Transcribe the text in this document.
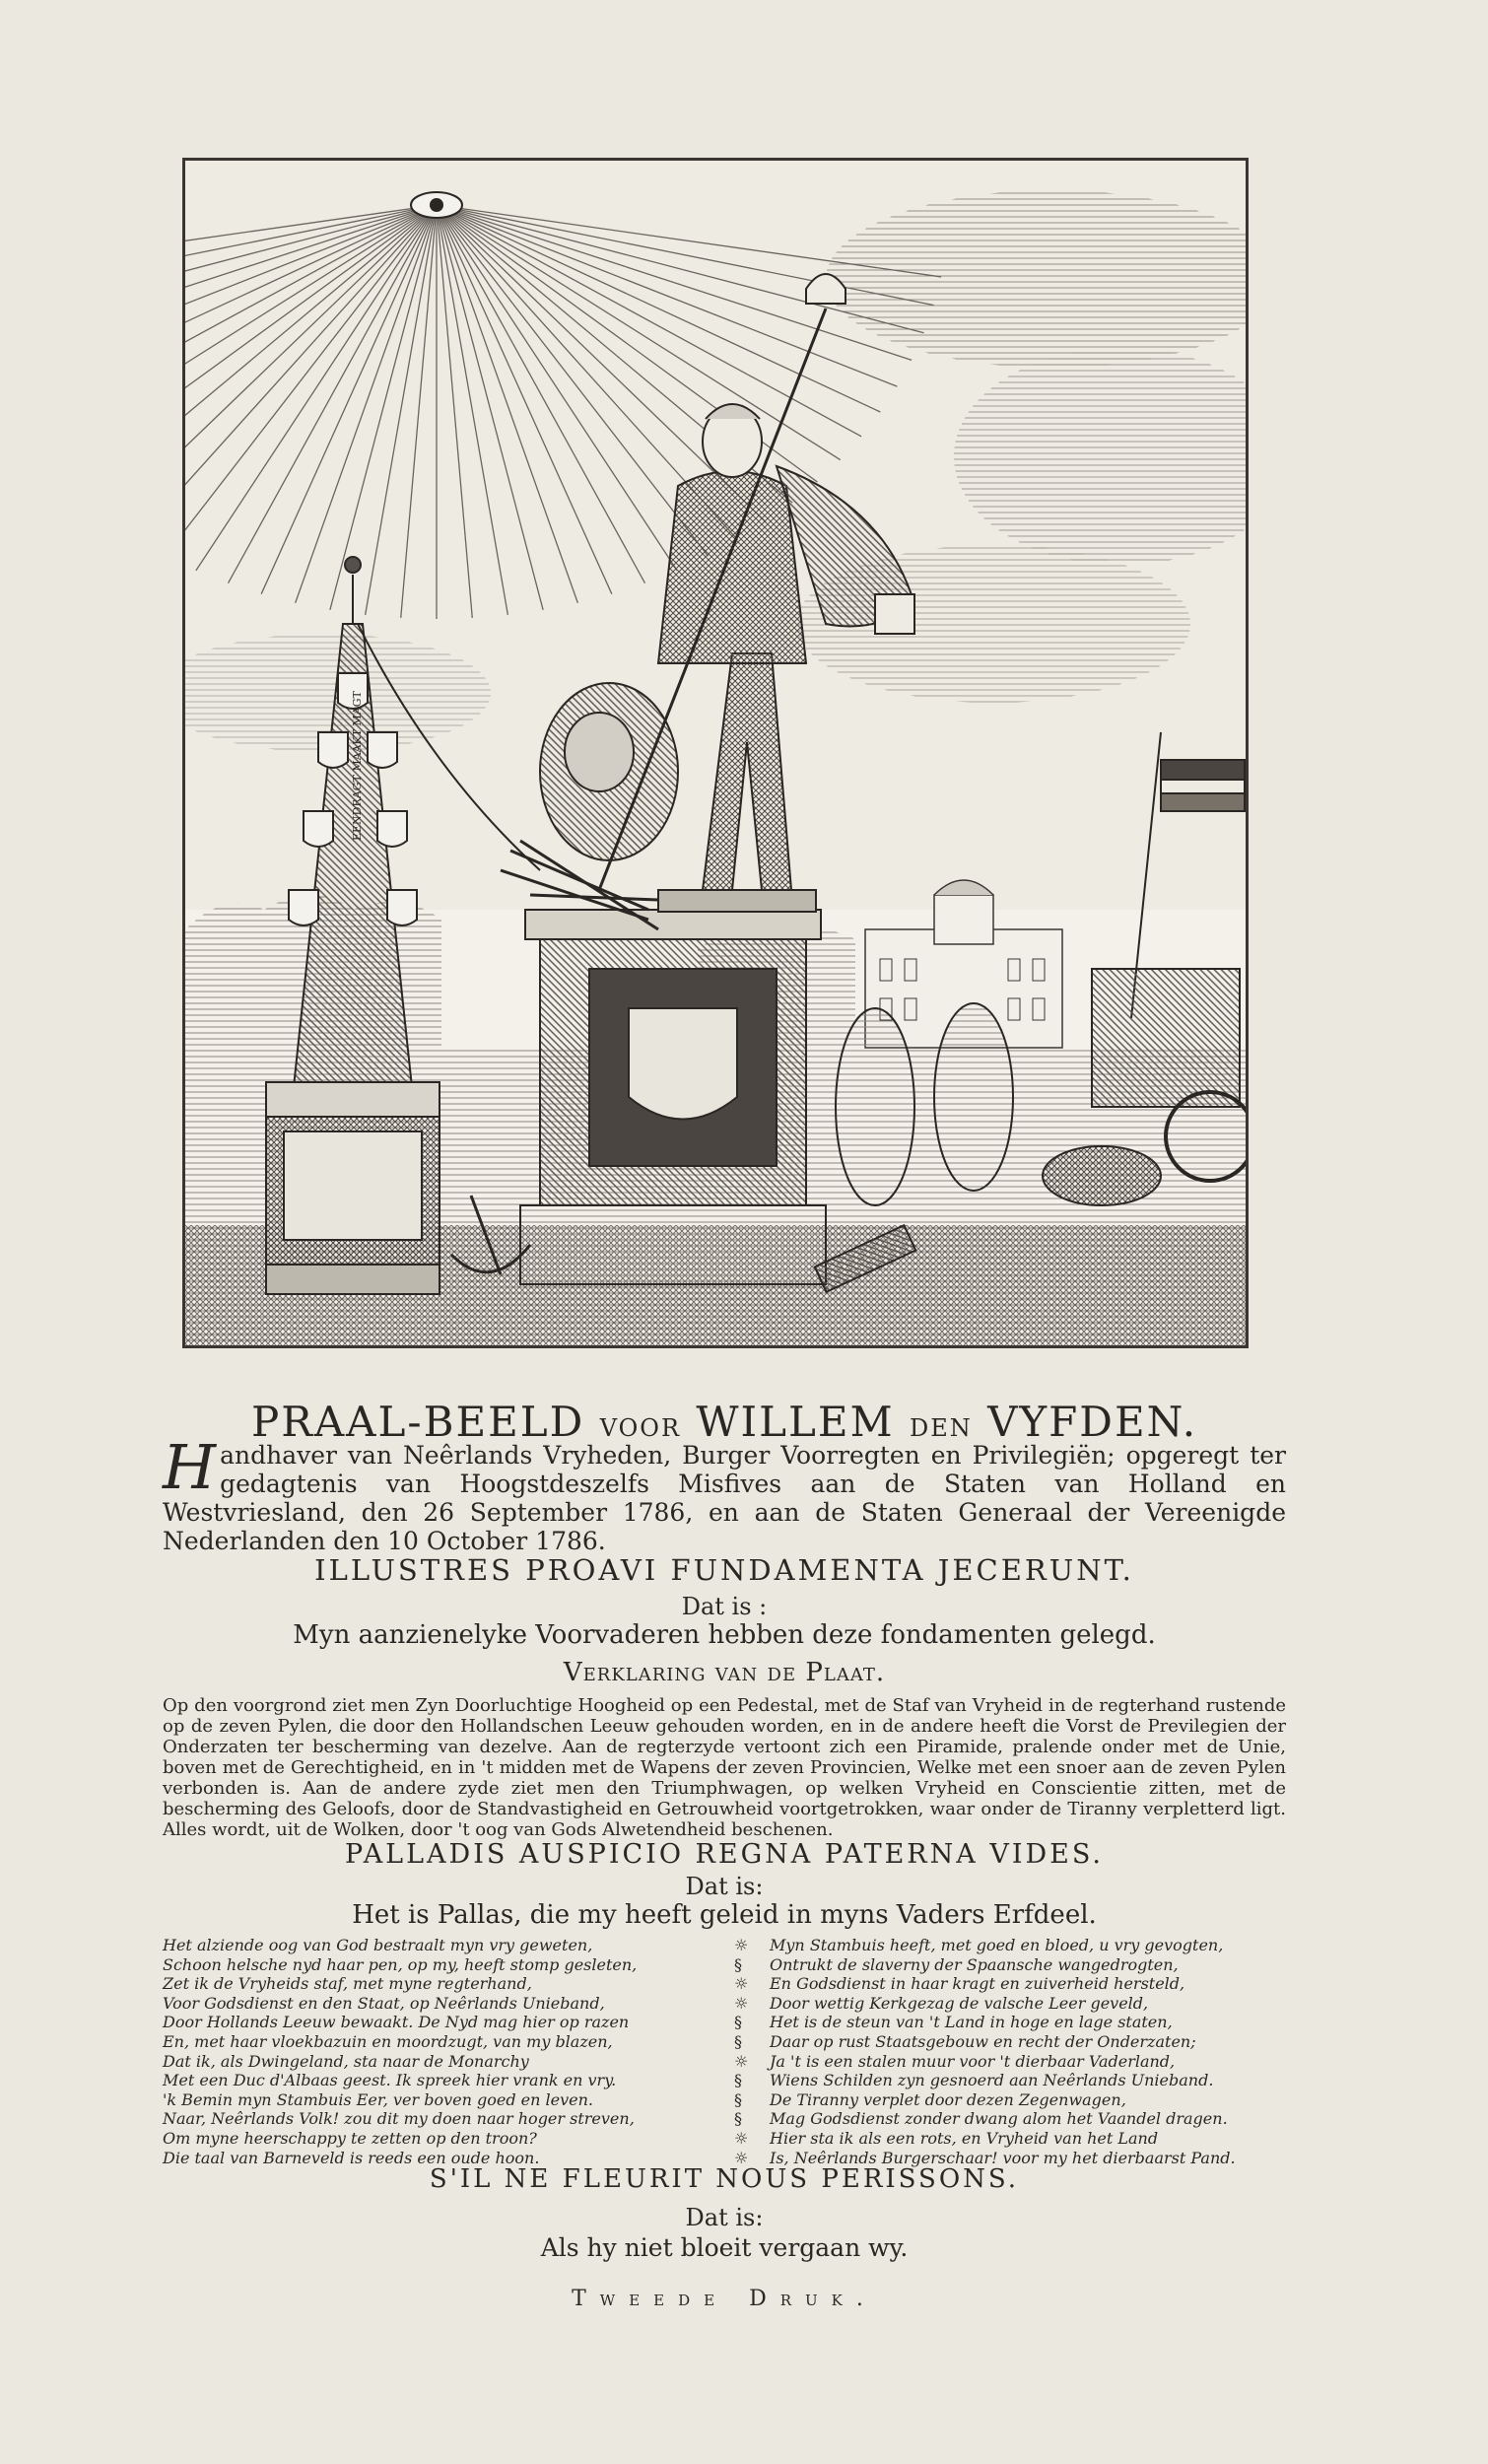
EENDRAGT MAAKT MAGT
PRAAL-BEELD voor WILLEM den VYFDEN.
Handhaver van Neêrlands Vryheden, Burger Voorregten en Privilegiën; opgeregt ter gedagtenis van Hoogstdeszelfs Misfives aan de Staten van Holland en Westvriesland, den 26 September 1786, en aan de Staten Generaal der Vereenigde Nederlanden den 10 October 1786.
ILLUSTRES PROAVI FUNDAMENTA JECERUNT.
Dat is :
Myn aanzienelyke Voorvaderen hebben deze fondamenten gelegd.
Verklaring van de Plaat.
Op den voorgrond ziet men Zyn Doorluchtige Hoogheid op een Pedestal, met de Staf van Vryheid in de regterhand rustende op de zeven Pylen, die door den Hollandschen Leeuw gehouden worden, en in de andere heeft die Vorst de Previlegien der Onderzaten ter bescherming van dezelve. Aan de regterzyde vertoont zich een Piramide, pralende onder met de Unie, boven met de Gerechtigheid, en in 't midden met de Wapens der zeven Provincien, Welke met een snoer aan de zeven Pylen verbonden is. Aan de andere zyde ziet men den Triumphwagen, op welken Vryheid en Conscientie zitten, met de bescherming des Geloofs, door de Standvastigheid en Getrouwheid voortgetrokken, waar onder de Tiranny verpletterd ligt. Alles wordt, uit de Wolken, door 't oog van Gods Alwetendheid beschenen.
PALLADIS AUSPICIO REGNA PATERNA VIDES.
Dat is:
Het is Pallas, die my heeft geleid in myns Vaders Erfdeel.
Het alziende oog van God bestraalt myn vry geweten,
Schoon helsche nyd haar pen, op my, heeft stomp gesleten,
Zet ik de Vryheids staf, met myne regterhand,
Voor Godsdienst en den Staat, op Neêrlands Unieband,
Door Hollands Leeuw bewaakt. De Nyd mag hier op razen
En, met haar vloekbazuin en moordzugt, van my blazen,
Dat ik, als Dwingeland, sta naar de Monarchy
Met een Duc d'Albaas geest. Ik spreek hier vrank en vry.
'k Bemin myn Stambuis Eer, ver boven goed en leven.
Naar, Neêrlands Volk! zou dit my doen naar hoger streven,
Om myne heerschappy te zetten op den troon?
Die taal van Barneveld is reeds een oude hoon.
☼	Myn Stambuis heeft, met goed en bloed, u vry gevogten,
§	Ontrukt de slaverny der Spaansche wangedrogten,
☼	En Godsdienst in haar kragt en zuiverheid hersteld,
☼	Door wettig Kerkgezag de valsche Leer geveld,
§	Het is de steun van 't Land in hoge en lage staten,
§	Daar op rust Staatsgebouw en recht der Onderzaten;
☼	Ja 't is een stalen muur voor 't dierbaar Vaderland,
§	Wiens Schilden zyn gesnoerd aan Neêrlands Unieband.
§	De Tiranny verplet door dezen Zegenwagen,
§	Mag Godsdienst zonder dwang alom het Vaandel dragen.
☼	Hier sta ik als een rots, en Vryheid van het Land
☼	Is, Neêrlands Burgerschaar! voor my het dierbaarst Pand.
S'IL NE FLEURIT NOUS PERISSONS.
Dat is:
Als hy niet bloeit vergaan wy.
Tweede Druk.
